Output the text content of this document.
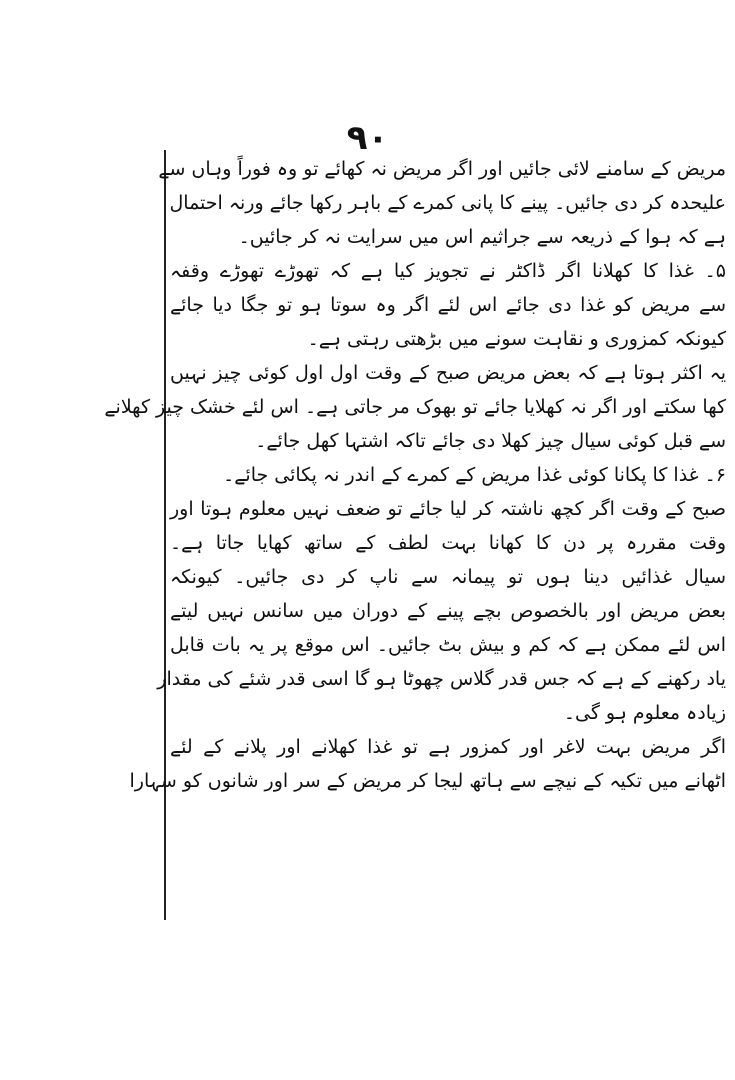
۹۰
مریض کے سامنے لائی جائیں اور اگر مریض نہ کھائے تو وہ فوراً وہاں سے
علیحدہ کر دی جائیں۔ پینے کا پانی کمرے کے باہر رکھا جائے ورنہ احتمال
ہے کہ ہوا کے ذریعہ سے جراثیم اس میں سرایت نہ کر جائیں۔
۵۔ غذا کا کھلانا اگر ڈاکٹر نے تجویز کیا ہے کہ تھوڑے تھوڑے وقفہ
سے مریض کو غذا دی جائے اس لئے اگر وہ سوتا ہو تو جگا دیا جائے
کیونکہ کمزوری و نقاہت سونے میں بڑھتی رہتی ہے۔
یہ اکثر ہوتا ہے کہ بعض مریض صبح کے وقت اول اول کوئی چیز نہیں
کھا سکتے اور اگر نہ کھلایا جائے تو بھوک مر جاتی ہے۔ اس لئے خشک چیز کھلانے
سے قبل کوئی سیال چیز کھلا دی جائے تاکہ اشتہا کھل جائے۔
۶۔ غذا کا پکانا کوئی غذا مریض کے کمرے کے اندر نہ پکائی جائے۔
صبح کے وقت اگر کچھ ناشتہ کر لیا جائے تو ضعف نہیں معلوم ہوتا اور
وقت مقررہ پر دن کا کھانا بہت لطف کے ساتھ کھایا جاتا ہے۔
سیال غذائیں دینا ہوں تو پیمانہ سے ناپ کر دی جائیں۔ کیونکہ
بعض مریض اور بالخصوص بچے پینے کے دوران میں سانس نہیں لیتے
اس لئے ممکن ہے کہ کم و بیش بٹ جائیں۔ اس موقع پر یہ بات قابل
یاد رکھنے کے ہے کہ جس قدر گلاس چھوٹا ہو گا اسی قدر شئے کی مقدار
زیادہ معلوم ہو گی۔
اگر مریض بہت لاغر اور کمزور ہے تو غذا کھلانے اور پلانے کے لئے
اٹھانے میں تکیہ کے نیچے سے ہاتھ لیجا کر مریض کے سر اور شانوں کو سہارا
